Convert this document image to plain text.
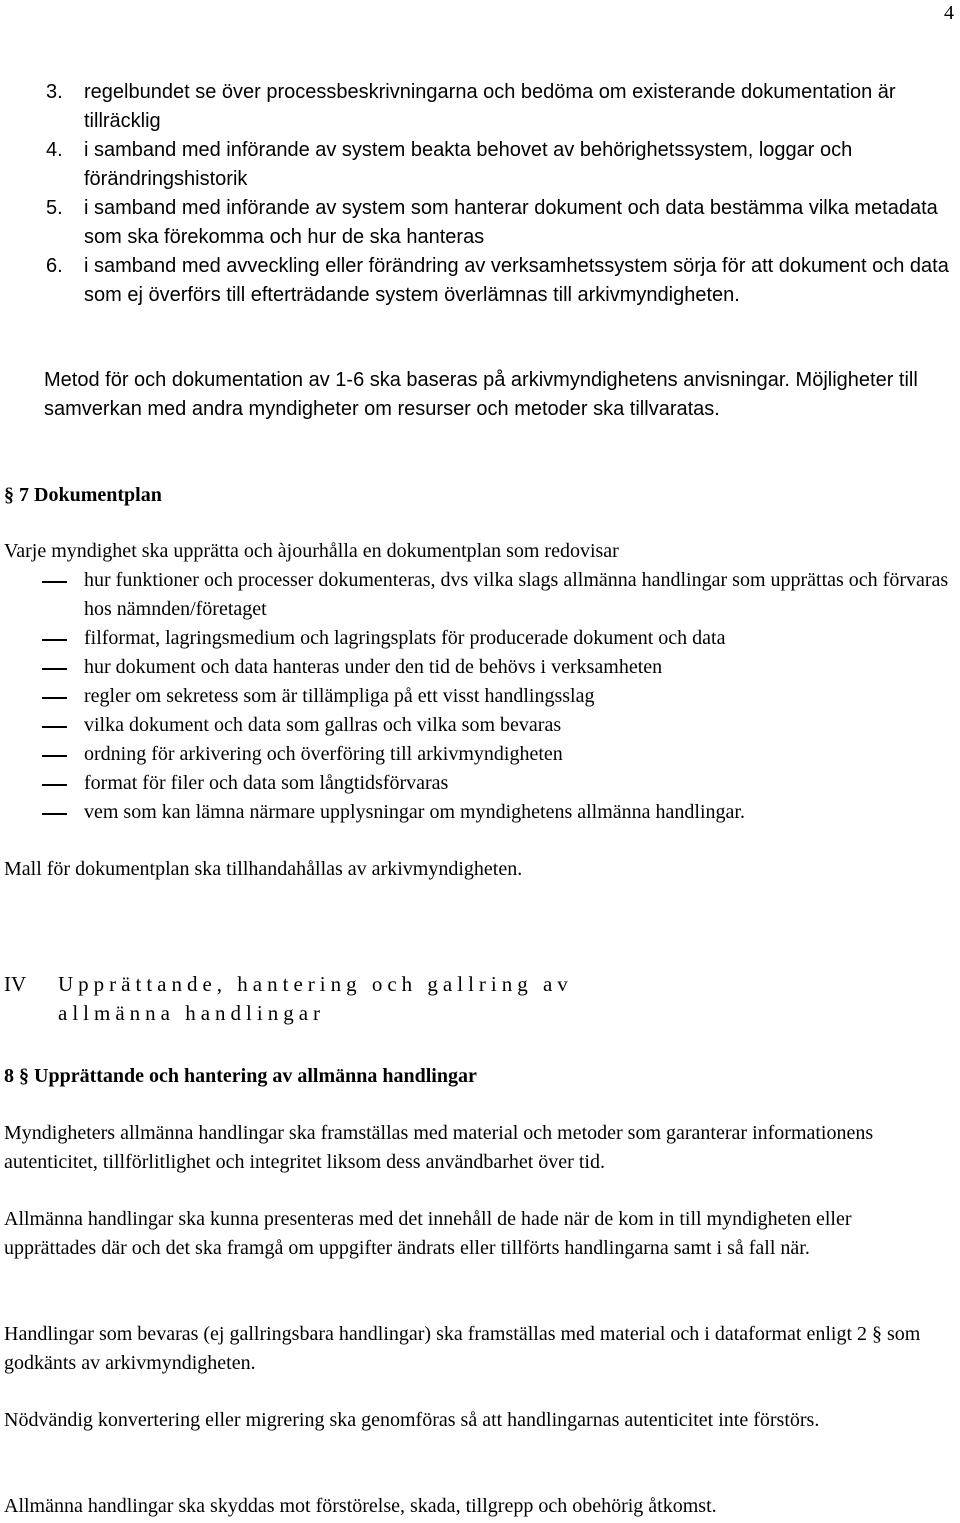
4
3.	regelbundet se över processbeskrivningarna och bedöma om existerande dokumentation är tillräcklig
4.	i samband med införande av system beakta behovet av behörighetssystem, loggar och förändringshistorik
5.	i samband med införande av system som hanterar dokument och data bestämma vilka metadata som ska förekomma och hur de ska hanteras
6.	i samband med avveckling eller förändring av verksamhetssystem sörja för att dokument och data som ej överförs till efterträdande system överlämnas till arkivmyndigheten.
Metod för och dokumentation av 1-6 ska baseras på arkivmyndighetens anvisningar. Möjligheter till samverkan med andra myndigheter om resurser och metoder ska tillvaratas.
§ 7 Dokumentplan
Varje myndighet ska upprätta och àjourhålla en dokumentplan som redovisar
hur funktioner och processer dokumenteras, dvs vilka slags allmänna handlingar som upprättas och förvaras hos nämnden/företaget
filformat, lagringsmedium och lagringsplats för producerade dokument och data
hur dokument och data hanteras under den tid de behövs i verksamheten
regler om sekretess som är tillämpliga på ett visst handlingsslag
vilka dokument och data som gallras och vilka som bevaras
ordning för arkivering och överföring till arkivmyndigheten
format för filer och data som långtidsförvaras
vem som kan lämna närmare upplysningar om myndighetens allmänna handlingar.
Mall för dokumentplan ska tillhandahållas av arkivmyndigheten.
IV	Upprättande, hantering och gallring av
allmänna handlingar
8 § Upprättande och hantering av allmänna handlingar
Myndigheters allmänna handlingar ska framställas med material och metoder som garanterar informationens autenticitet, tillförlitlighet och integritet liksom dess användbarhet över tid.
Allmänna handlingar ska kunna presenteras med det innehåll de hade när de kom in till myndigheten eller upprättades där och det ska framgå om uppgifter ändrats eller tillförts handlingarna samt i så fall när.
Handlingar som bevaras (ej gallringsbara handlingar) ska framställas med material och i dataformat enligt 2 § som godkänts av arkivmyndigheten.
Nödvändig konvertering eller migrering ska genomföras så att handlingarnas autenticitet inte förstörs.
Allmänna handlingar ska skyddas mot förstörelse, skada, tillgrepp och obehörig åtkomst.
